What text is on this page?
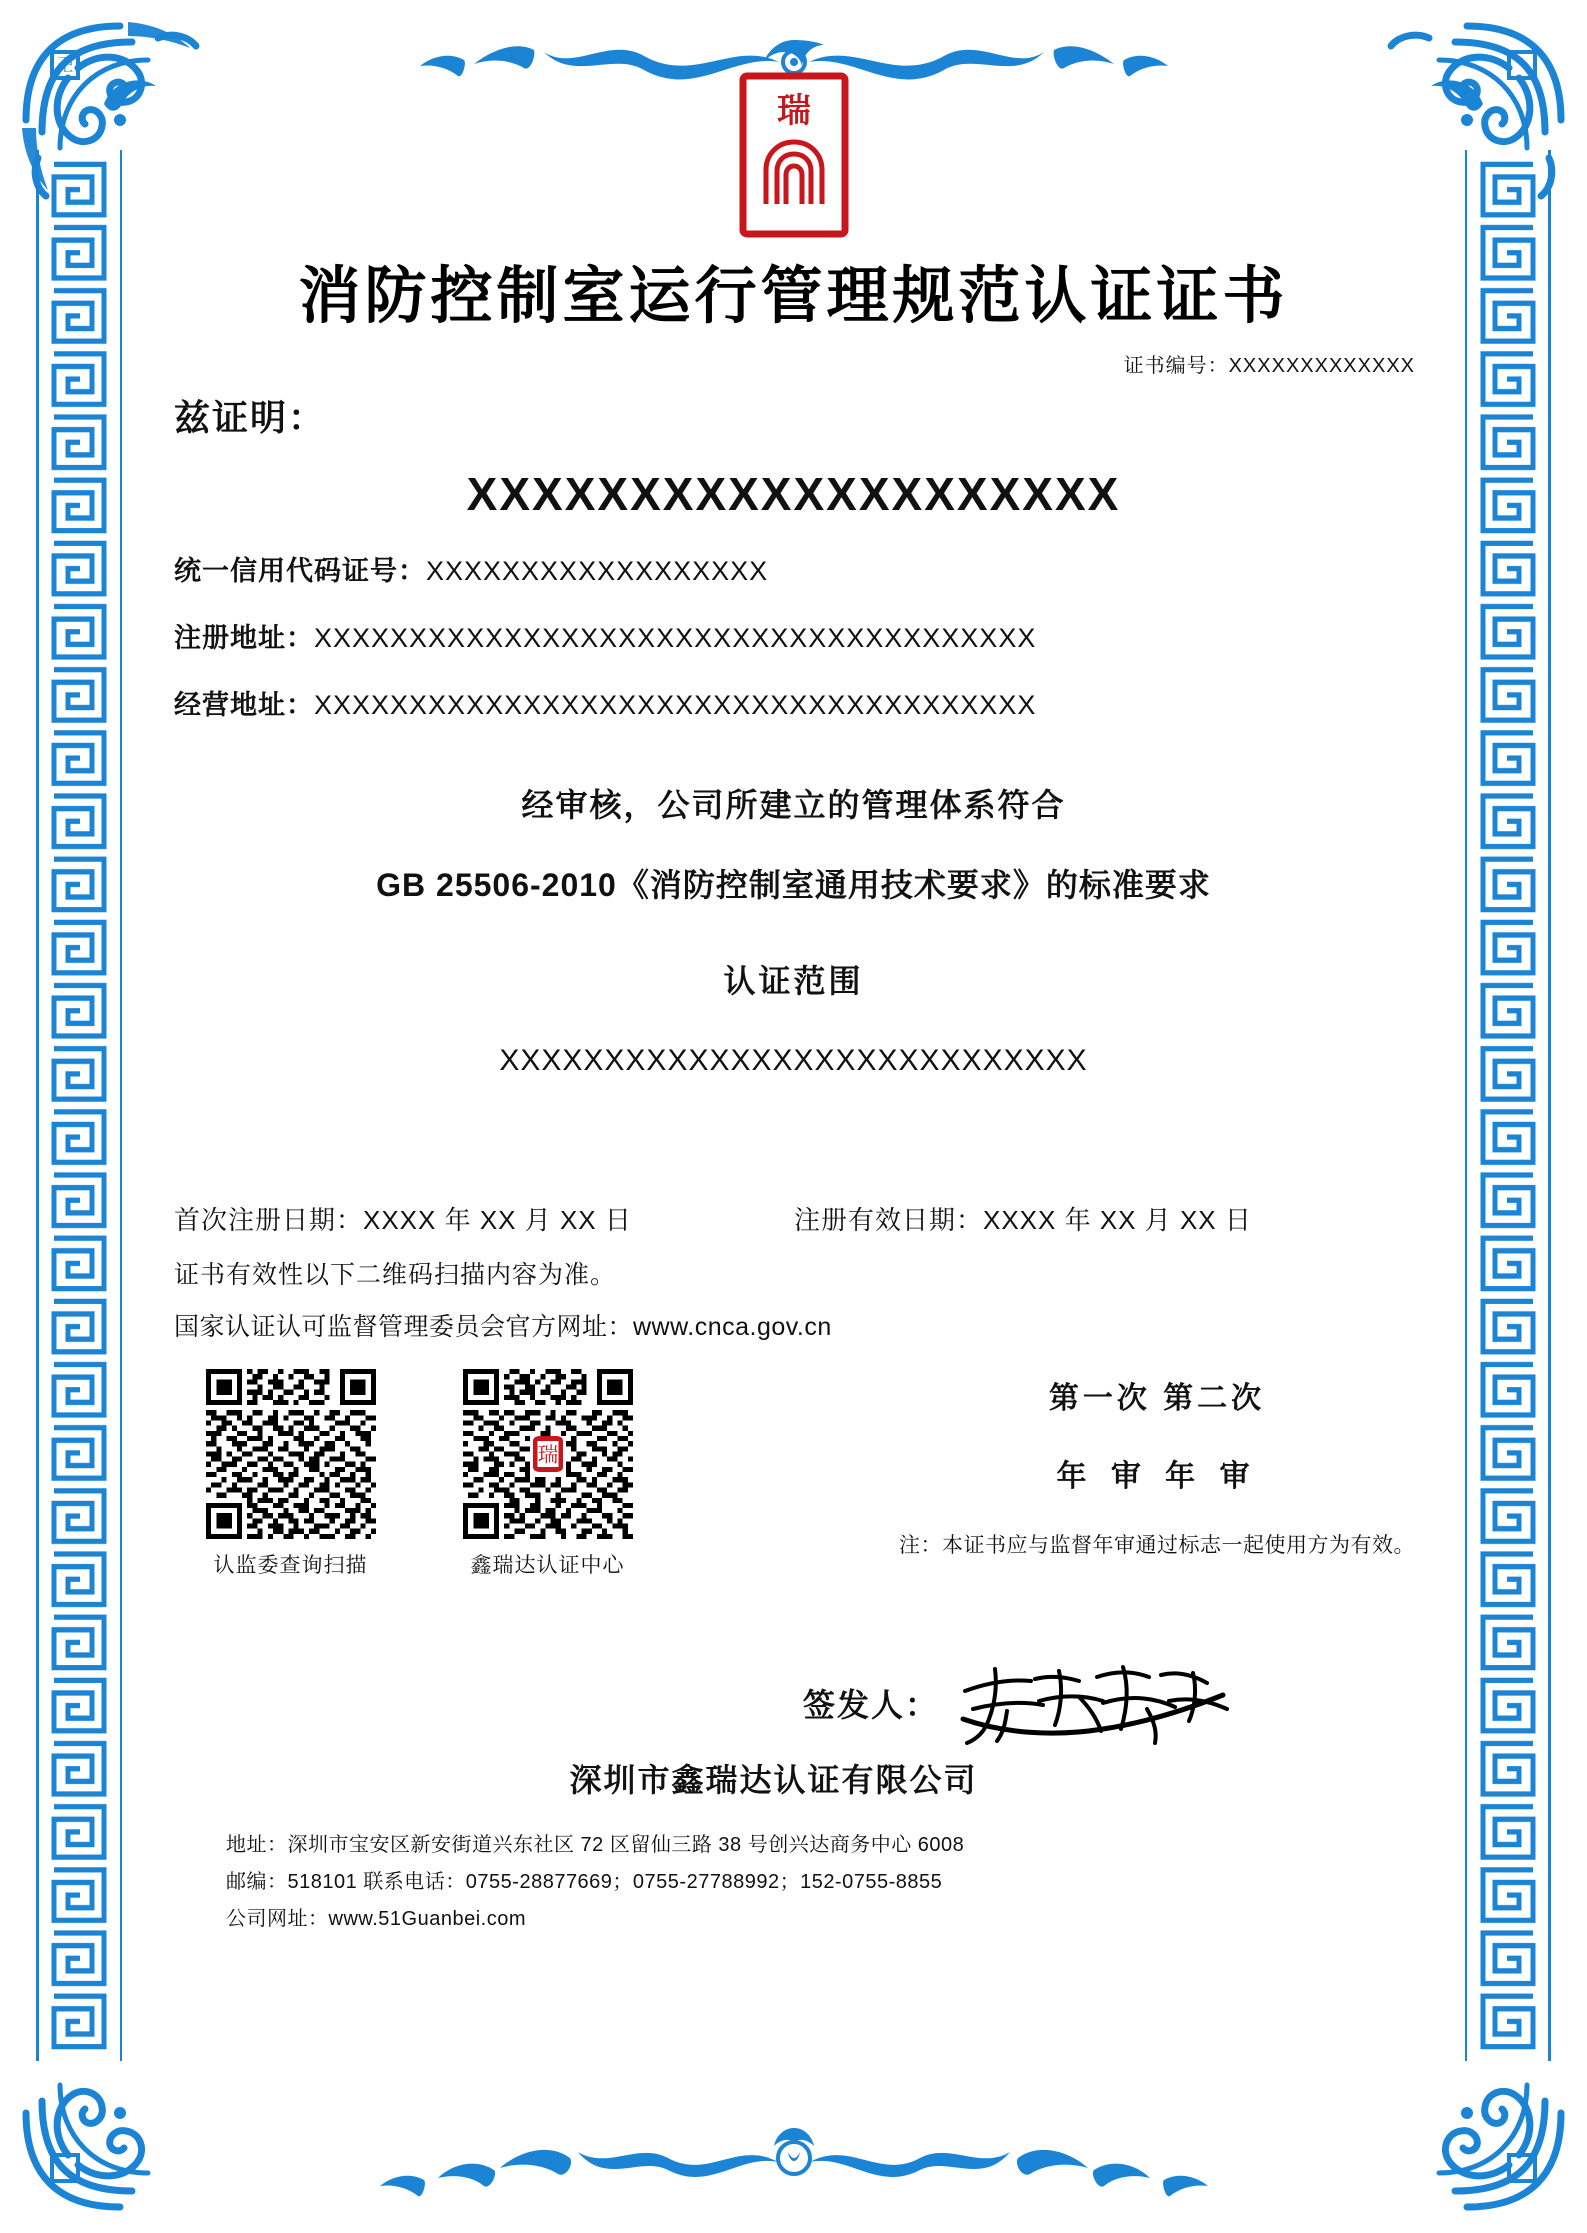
卍
瑞
消防控制室运行管理规范认证证书
证书编号：XXXXXXXXXXXXX
兹证明：
XXXXXXXXXXXXXXXXXXXX
统一信用代码证号：XXXXXXXXXXXXXXXXXX
注册地址：XXXXXXXXXXXXXXXXXXXXXXXXXXXXXXXXXXXXXX
经营地址：XXXXXXXXXXXXXXXXXXXXXXXXXXXXXXXXXXXXXX
经审核，公司所建立的管理体系符合
GB 25506-2010《消防控制室通用技术要求》的标准要求
认证范围
XXXXXXXXXXXXXXXXXXXXXXXXXXXX
首次注册日期：XXXX 年 XX 月 XX 日	注册有效日期：XXXX 年 XX 月 XX 日
证书有效性以下二维码扫描内容为准。
国家认证认可监督管理委员会官方网址：www.cnca.gov.cn
认监委查询扫描
瑞
鑫瑞达认证中心
第一次 第二次
年 审 年 审
注：本证书应与监督年审通过标志一起使用方为有效。
签发人：
深圳市鑫瑞达认证有限公司
地址：深圳市宝安区新安街道兴东社区 72 区留仙三路 38 号创兴达商务中心 6008
邮编：518101 联系电话：0755-28877669；0755-27788992；152-0755-8855
公司网址：www.51Guanbei.com
